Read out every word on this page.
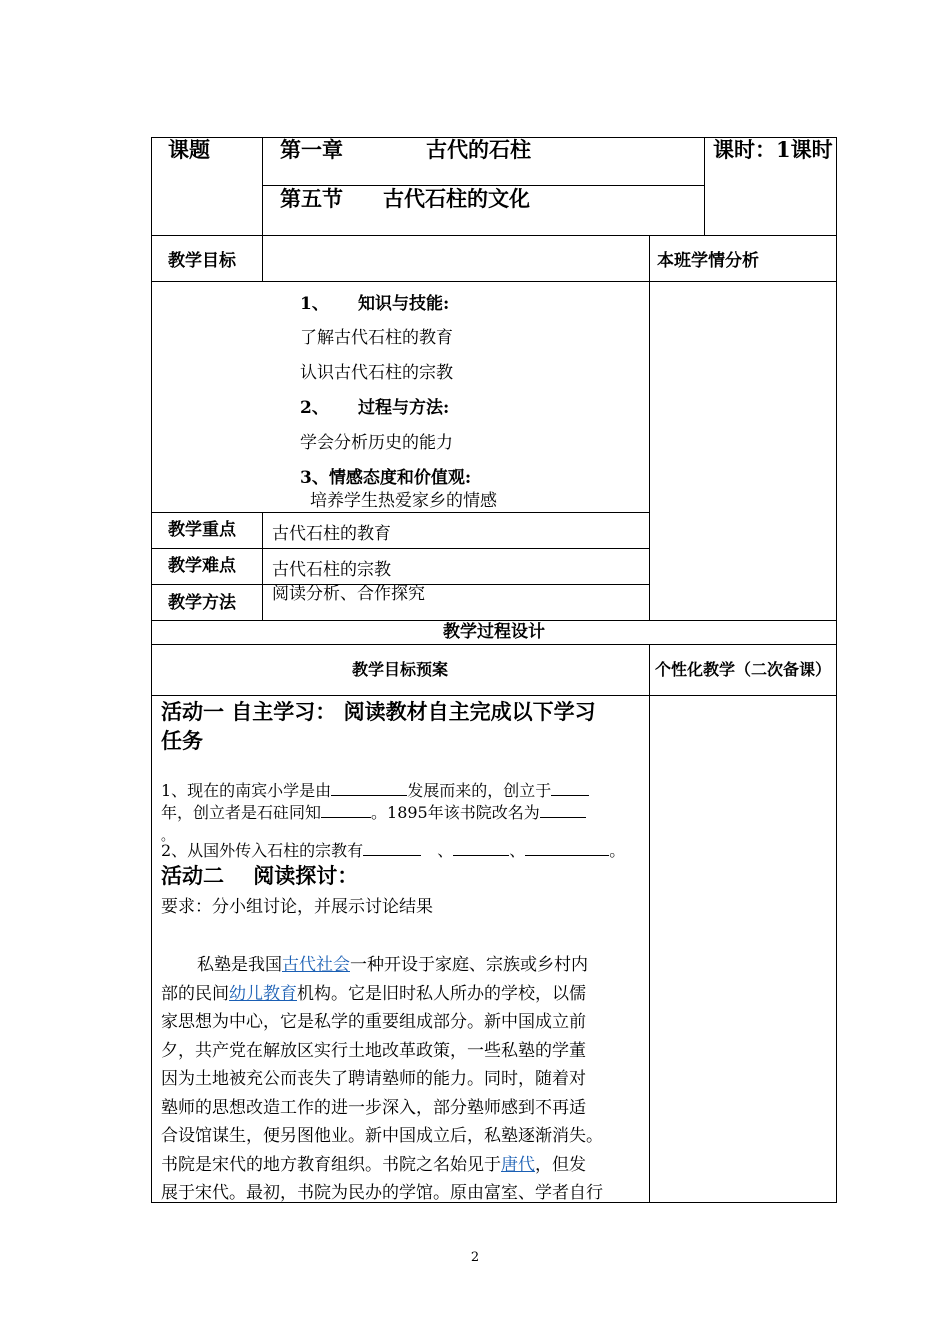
课题	第一章	古代的石柱	课时：1课时
第五节 古代石柱的文化
教学目标	本班学情分析
1、 知识与技能:
了解古代石柱的教育
认识古代石柱的宗教
2、 过程与方法:
学会分析历史的能力
3、情感态度和价值观:
培养学生热爱家乡的情感
教学重点 古代石柱的教育
教学难点 古代石柱的宗教
教学方法 阅读分析、合作探究
教学过程设计
教学目标预案	个性化教学（二次备课）
活动一 自主学习： 阅读教材自主完成以下学习
任务
1、现在的南宾小学是由	发展而来的，创立于
年，创立者是石砫同知	。1895年该书院改名为
。
2、从国外传入石柱的宗教有	、	、	。
活动二    阅读探讨：
要求：分小组讨论，并展示讨论结果
私塾是我国古代社会一种开设于家庭、宗族或乡村内
部的民间幼儿教育机构。它是旧时私人所办的学校，以儒
家思想为中心，它是私学的重要组成部分。新中国成立前
夕，共产党在解放区实行土地改革政策，一些私塾的学董
因为土地被充公而丧失了聘请塾师的能力。同时，随着对
塾师的思想改造工作的进一步深入，部分塾师感到不再适
合设馆谋生，便另图他业。新中国成立后，私塾逐渐消失。
书院是宋代的地方教育组织。书院之名始见于唐代，但发
展于宋代。最初，书院为民办的学馆。原由富室、学者自行
2
